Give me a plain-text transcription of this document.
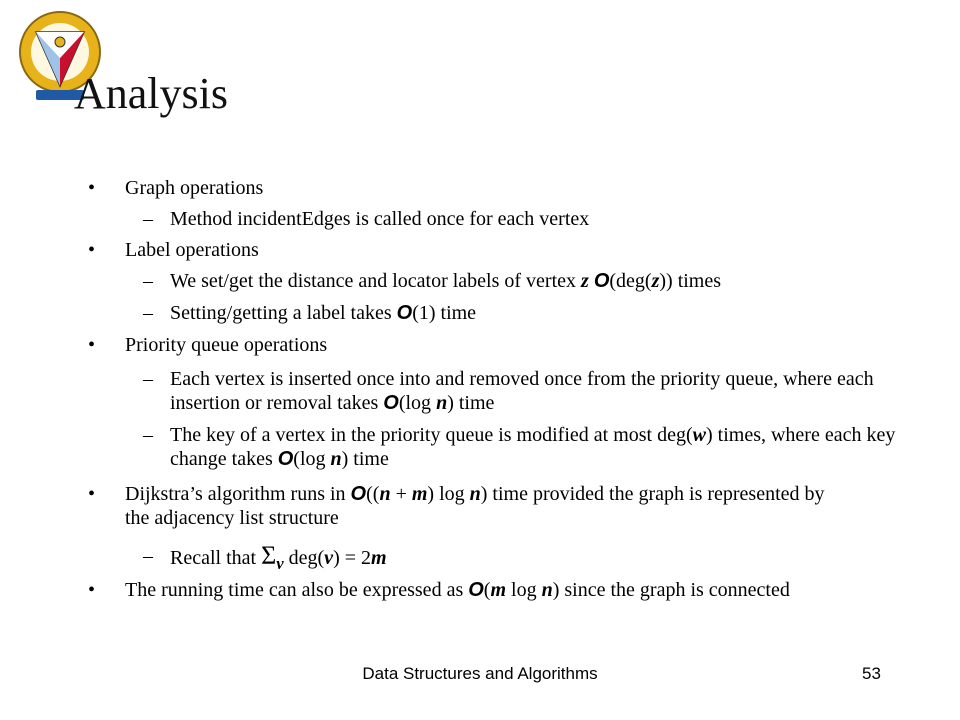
Analysis
• Graph operations
– Method incidentEdges is called once for each vertex
• Label operations
– We set/get the distance and locator labels of vertex z O(deg(z)) times
– Setting/getting a label takes O(1) time
• Priority queue operations
– Each vertex is inserted once into and removed once from the priority queue, where each insertion or removal takes O(log n) time
– The key of a vertex in the priority queue is modified at most deg(w) times, where each key change takes O(log n) time
• Dijkstra’s algorithm runs in O((n + m) log n) time provided the graph is represented by the adjacency list structure
– Recall that $\Sigma_v$ deg(v) = 2m
• The running time can also be expressed as O(m log n) since the graph is connected
Data Structures and Algorithms	53
